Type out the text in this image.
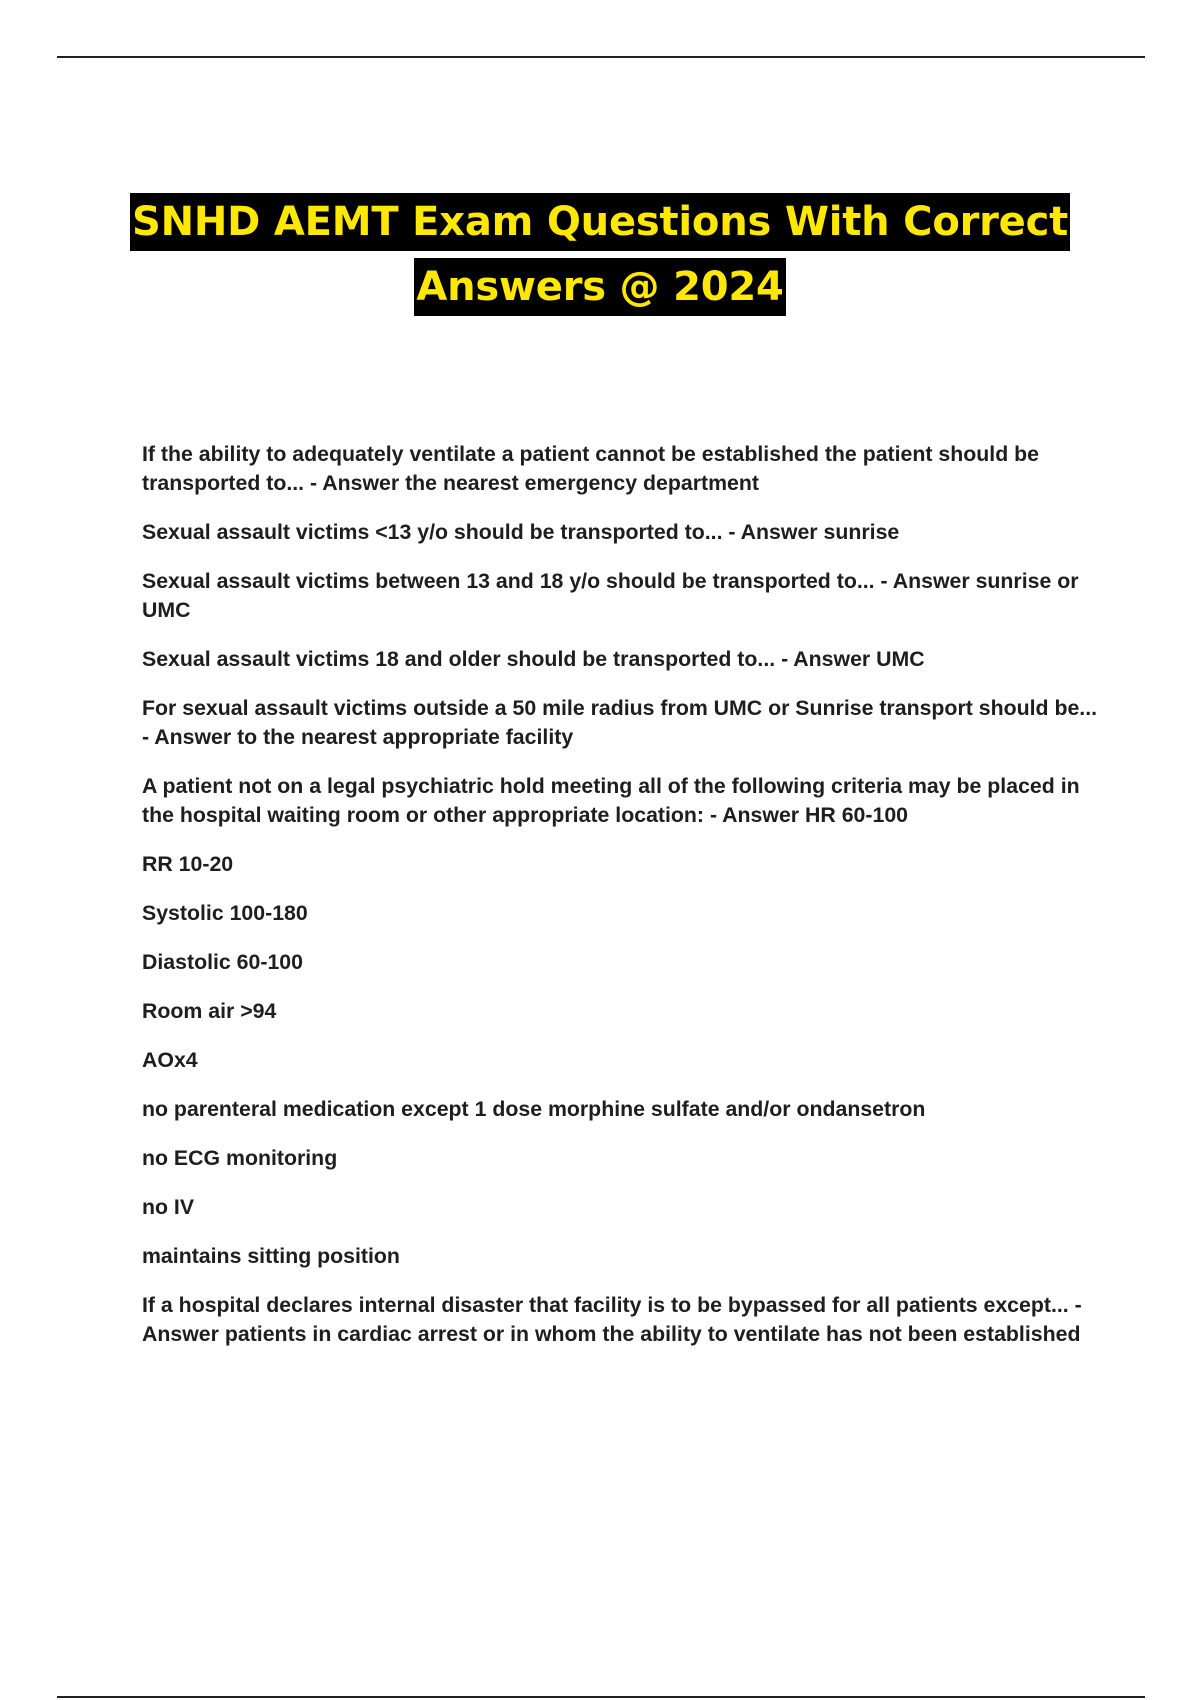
SNHD AEMT Exam Questions With Correct
Answers @ 2024

If the ability to adequately ventilate a patient cannot be established the patient should be transported to... - Answer the nearest emergency department

Sexual assault victims <13 y/o should be transported to... - Answer sunrise

Sexual assault victims between 13 and 18 y/o should be transported to... - Answer sunrise or UMC

Sexual assault victims 18 and older should be transported to... - Answer UMC

For sexual assault victims outside a 50 mile radius from UMC or Sunrise transport should be... - Answer to the nearest appropriate facility

A patient not on a legal psychiatric hold meeting all of the following criteria may be placed in the hospital waiting room or other appropriate location: - Answer HR 60-100

RR 10-20

Systolic 100-180

Diastolic 60-100

Room air >94

AOx4

no parenteral medication except 1 dose morphine sulfate and/or ondansetron

no ECG monitoring

no IV

maintains sitting position

If a hospital declares internal disaster that facility is to be bypassed for all patients except... - Answer patients in cardiac arrest or in whom the ability to ventilate has not been established
